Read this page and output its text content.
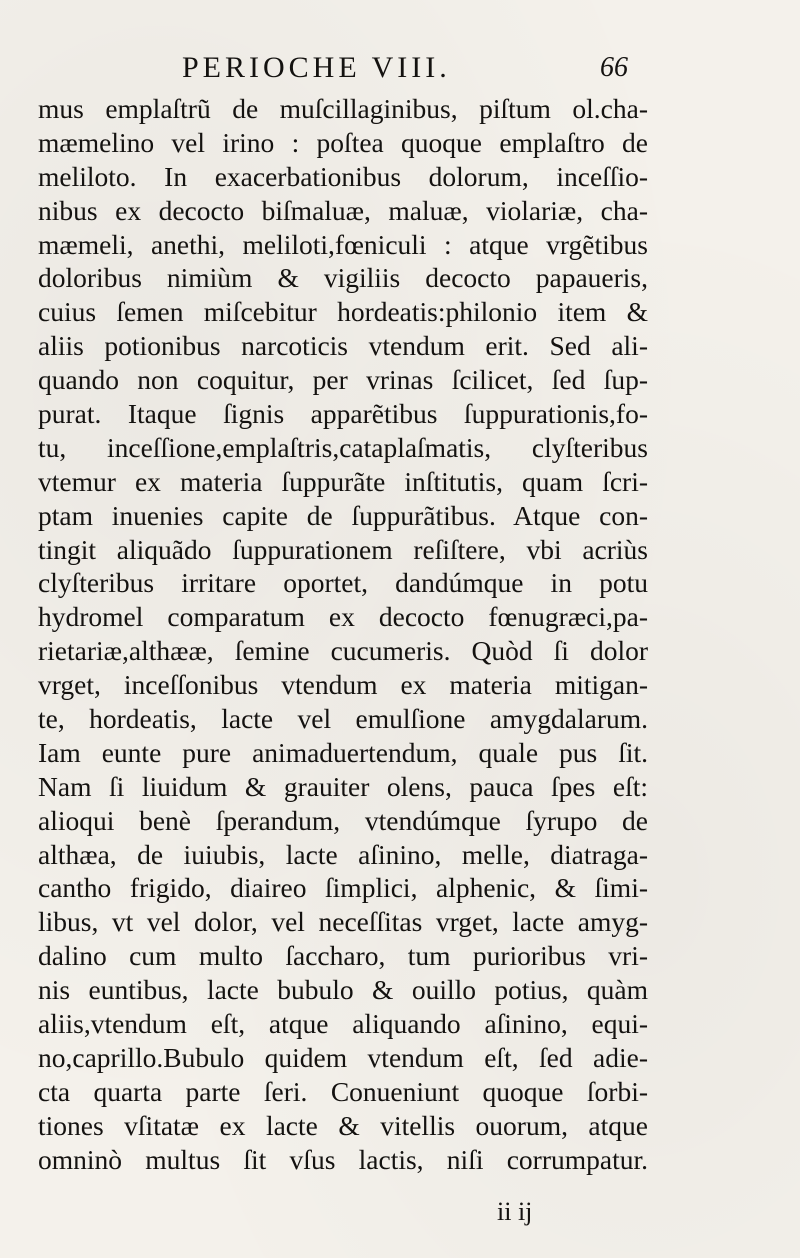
PERIOCHE VIII.	66
mus emplaſtrũ de muſcillaginibus, piſtum ol.cha-
mæmelino vel irino : poſtea quoque emplaſtro de
meliloto. In exacerbationibus dolorum, inceſſio-
nibus ex decocto biſmaluæ, maluæ, violariæ, cha-
mæmeli, anethi, meliloti,fœniculi : atque vrgẽtibus
doloribus nimiùm & vigiliis decocto papaueris,
cuius ſemen miſcebitur hordeatis:philonio item &
aliis potionibus narcoticis vtendum erit. Sed ali-
quando non coquitur, per vrinas ſcilicet, ſed ſup-
purat. Itaque ſignis apparẽtibus ſuppurationis,fo-
tu, inceſſione,emplaſtris,cataplaſmatis, clyſteribus
vtemur ex materia ſuppurãte inſtitutis, quam ſcri-
ptam inuenies capite de ſuppurãtibus. Atque con-
tingit aliquãdo ſuppurationem reſiſtere, vbi acriùs
clyſteribus irritare oportet, dandúmque in potu
hydromel comparatum ex decocto fœnugræci,pa-
rietariæ,althææ, ſemine cucumeris. Quòd ſi dolor
vrget, inceſſonibus vtendum ex materia mitigan-
te, hordeatis, lacte vel emulſione amygdalarum.
Iam eunte pure animaduertendum, quale pus ſit.
Nam ſi liuidum & grauiter olens, pauca ſpes eſt:
alioqui benè ſperandum, vtendúmque ſyrupo de
althæa, de iuiubis, lacte aſinino, melle, diatraga-
cantho frigido, diaireo ſimplici, alphenic, & ſimi-
libus, vt vel dolor, vel neceſſitas vrget, lacte amyg-
dalino cum multo ſaccharo, tum purioribus vri-
nis euntibus, lacte bubulo & ouillo potius, quàm
aliis,vtendum eſt, atque aliquando aſinino, equi-
no,caprillo.Bubulo quidem vtendum eſt, ſed adie-
cta quarta parte ſeri. Conueniunt quoque ſorbi-
tiones vſitatæ ex lacte & vitellis ouorum, atque
omninò multus ſit vſus lactis, niſi corrumpatur.
ii ij
